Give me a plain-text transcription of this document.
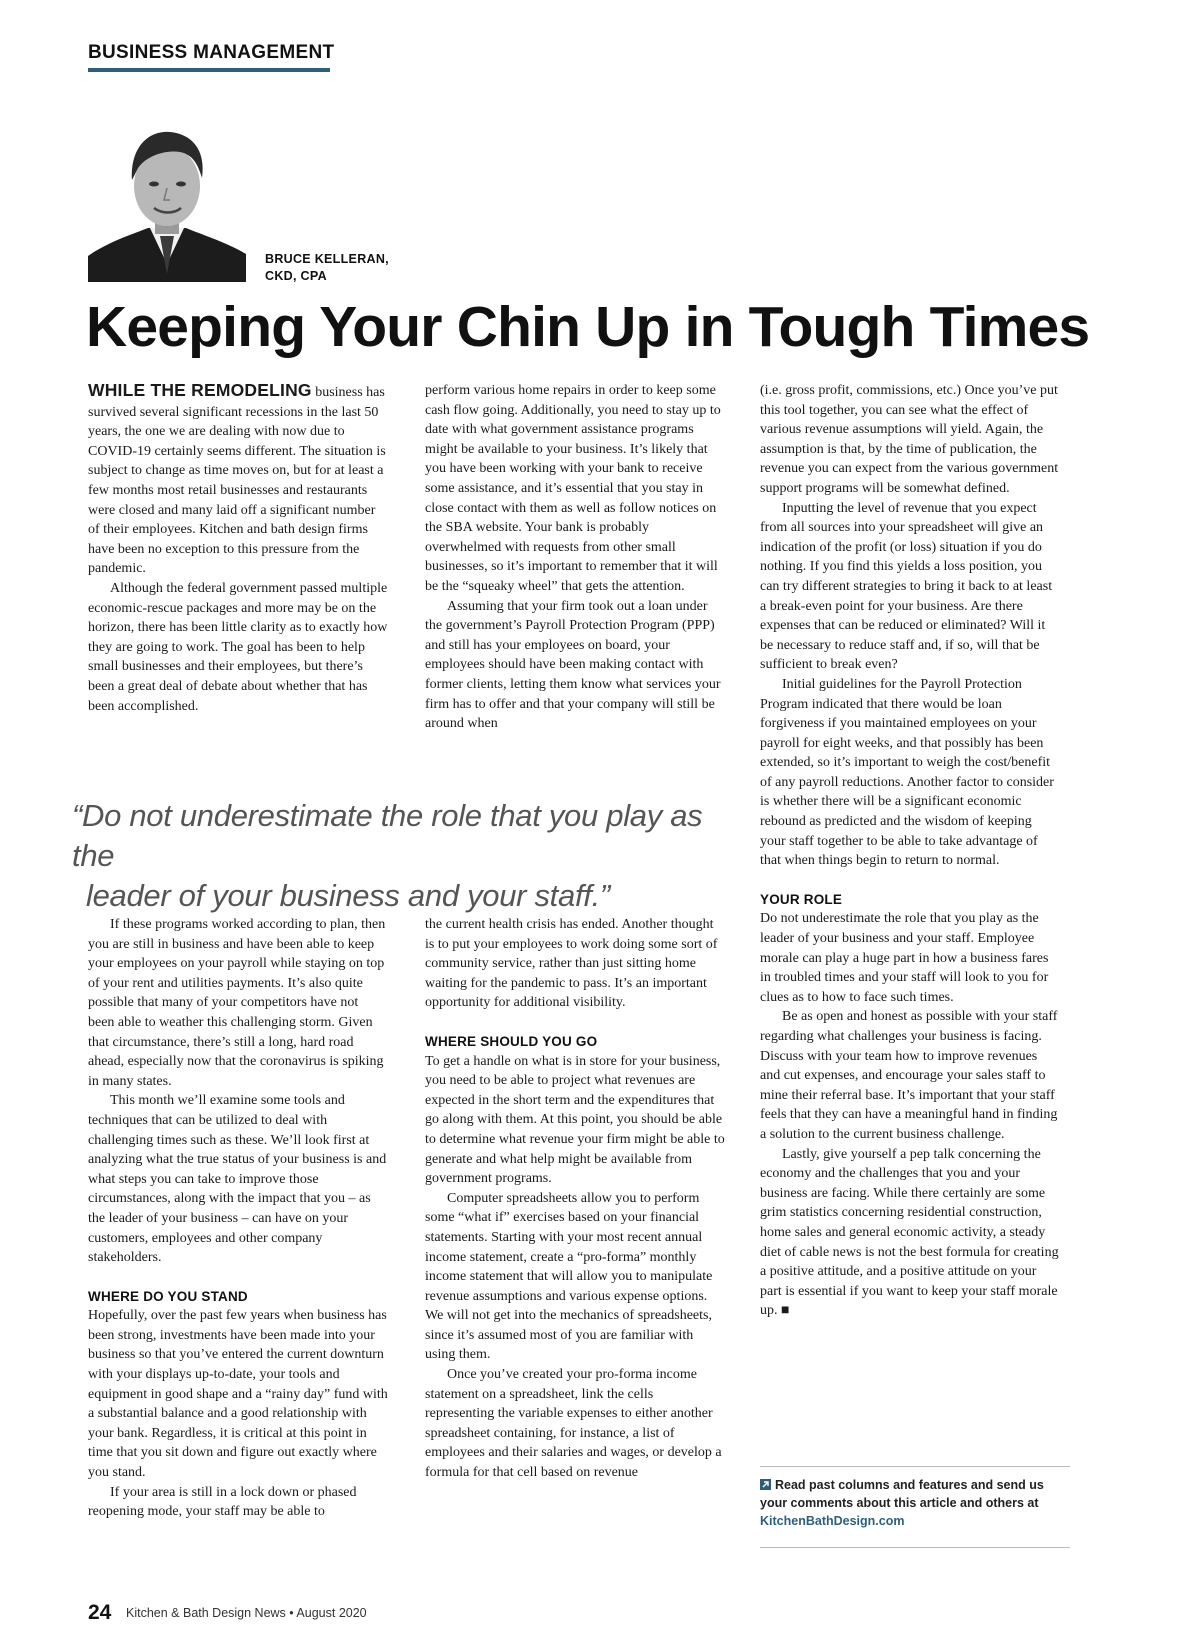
BUSINESS MANAGEMENT
BRUCE KELLERAN,
CKD, CPA
Keeping Your Chin Up in Tough Times

WHILE THE REMODELING business has survived several significant recessions in the last 50 years, the one we are dealing with now due to COVID-19 certainly seems different. The situation is subject to change as time moves on, but for at least a few months most retail businesses and restaurants were closed and many laid off a significant number of their employees. Kitchen and bath design firms have been no exception to this pressure from the pandemic.

Although the federal government passed multiple economic-rescue packages and more may be on the horizon, there has been little clarity as to exactly how they are going to work. The goal has been to help small businesses and their employees, but there’s been a great deal of debate about whether that has been accomplished.

perform various home repairs in order to keep some cash flow going. Additionally, you need to stay up to date with what government assistance programs might be available to your business. It’s likely that you have been working with your bank to receive some assistance, and it’s essential that you stay in close contact with them as well as follow notices on the SBA website. Your bank is probably overwhelmed with requests from other small businesses, so it’s important to remember that it will be the “squeaky wheel” that gets the attention.

Assuming that your firm took out a loan under the government’s Payroll Protection Program (PPP) and still has your employees on board, your employees should have been making contact with former clients, letting them know what services your firm has to offer and that your company will still be around when

(i.e. gross profit, commissions, etc.) Once you’ve put this tool together, you can see what the effect of various revenue assumptions will yield. Again, the assumption is that, by the time of publication, the revenue you can expect from the various government support programs will be somewhat defined.

Inputting the level of revenue that you expect from all sources into your spreadsheet will give an indication of the profit (or loss) situation if you do nothing. If you find this yields a loss position, you can try different strategies to bring it back to at least a break-even point for your business. Are there expenses that can be reduced or eliminated? Will it be necessary to reduce staff and, if so, will that be sufficient to break even?

Initial guidelines for the Payroll Protection Program indicated that there would be loan forgiveness if you maintained employees on your payroll for eight weeks, and that possibly has been extended, so it’s important to weigh the cost/benefit of any payroll reductions. Another factor to consider is whether there will be a significant economic rebound as predicted and the wisdom of keeping your staff together to be able to take advantage of that when things begin to return to normal.

YOUR ROLE

Do not underestimate the role that you play as the leader of your business and your staff. Employee morale can play a huge part in how a business fares in troubled times and your staff will look to you for clues as to how to face such times.

Be as open and honest as possible with your staff regarding what challenges your business is facing. Discuss with your team how to improve revenues and cut expenses, and encourage your sales staff to mine their referral base. It’s important that your staff feels that they can have a meaningful hand in finding a solution to the current business challenge.

Lastly, give yourself a pep talk concerning the economy and the challenges that you and your business are facing. While there certainly are some grim statistics concerning residential construction, home sales and general economic activity, a steady diet of cable news is not the best formula for creating a positive attitude, and a positive attitude on your part is essential if you want to keep your staff morale up. ■

“Do not underestimate the role that you play as the
leader of your business and your staff.”

If these programs worked according to plan, then you are still in business and have been able to keep your employees on your payroll while staying on top of your rent and utilities payments. It’s also quite possible that many of your competitors have not been able to weather this challenging storm. Given that circumstance, there’s still a long, hard road ahead, especially now that the coronavirus is spiking in many states.

This month we’ll examine some tools and techniques that can be utilized to deal with challenging times such as these. We’ll look first at analyzing what the true status of your business is and what steps you can take to improve those circumstances, along with the impact that you – as the leader of your business – can have on your customers, employees and other company stakeholders.

WHERE DO YOU STAND

Hopefully, over the past few years when business has been strong, investments have been made into your business so that you’ve entered the current downturn with your displays up-to-date, your tools and equipment in good shape and a “rainy day” fund with a substantial balance and a good relationship with your bank. Regardless, it is critical at this point in time that you sit down and figure out exactly where you stand.

If your area is still in a lock down or phased reopening mode, your staff may be able to

the current health crisis has ended. Another thought is to put your employees to work doing some sort of community service, rather than just sitting home waiting for the pandemic to pass. It’s an important opportunity for additional visibility.

WHERE SHOULD YOU GO

To get a handle on what is in store for your business, you need to be able to project what revenues are expected in the short term and the expenditures that go along with them. At this point, you should be able to determine what revenue your firm might be able to generate and what help might be available from government programs.

Computer spreadsheets allow you to perform some “what if” exercises based on your financial statements. Starting with your most recent annual income statement, create a “pro-forma” monthly income statement that will allow you to manipulate revenue assumptions and various expense options. We will not get into the mechanics of spreadsheets, since it’s assumed most of you are familiar with using them.

Once you’ve created your pro-forma income statement on a spreadsheet, link the cells representing the variable expenses to either another spreadsheet containing, for instance, a list of employees and their salaries and wages, or develop a formula for that cell based on revenue

Read past columns and features and send us your comments about this article and others at
KitchenBathDesign.com
24 Kitchen & Bath Design News • August 2020
